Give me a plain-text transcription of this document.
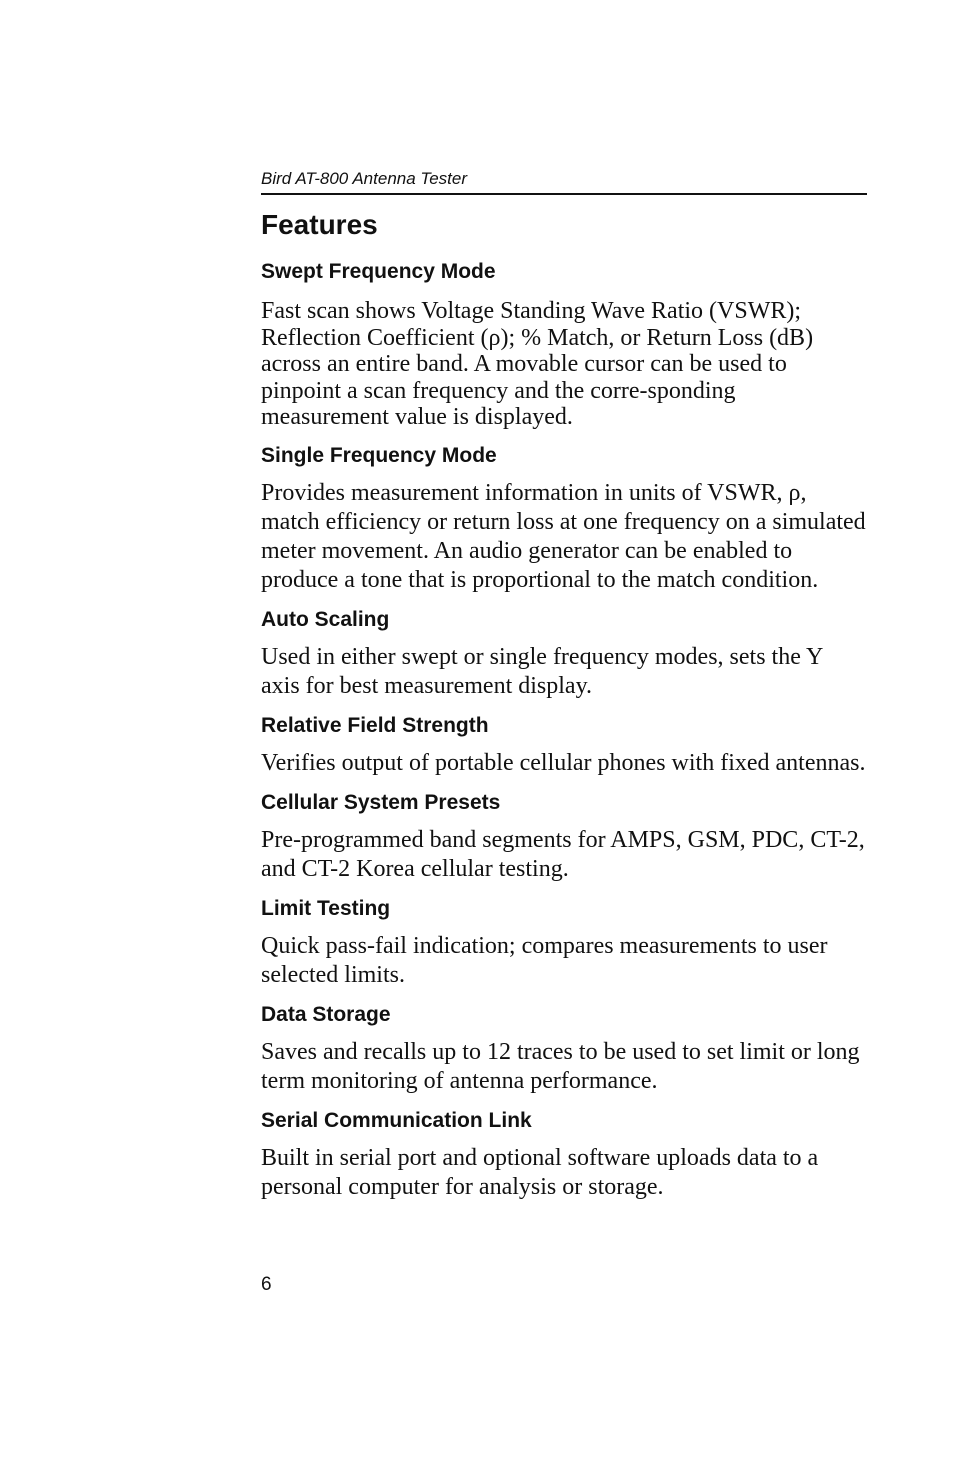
Bird AT-800 Antenna Tester
Features
Swept Frequency Mode

Fast scan shows Voltage Standing Wave Ratio (VSWR); Reflection Coefficient (ρ); % Match, or Return Loss (dB) across an entire band. A movable cursor can be used to pinpoint a scan frequency and the corre-sponding measurement value is displayed.

Single Frequency Mode

Provides measurement information in units of VSWR, ρ, match efficiency or return loss at one frequency on a simulated meter movement. An audio generator can be enabled to produce a tone that is proportional to the match condition.

Auto Scaling

Used in either swept or single frequency modes, sets the Y axis for best measurement display.

Relative Field Strength

Verifies output of portable cellular phones with fixed antennas.

Cellular System Presets

Pre-programmed band segments for AMPS, GSM, PDC, CT-2, and CT-2 Korea cellular testing.

Limit Testing

Quick pass-fail indication; compares measurements to user selected limits.

Data Storage

Saves and recalls up to 12 traces to be used to set limit or long term monitoring of antenna performance.

Serial Communication Link

Built in serial port and optional software uploads data to a personal computer for analysis or storage.

6
